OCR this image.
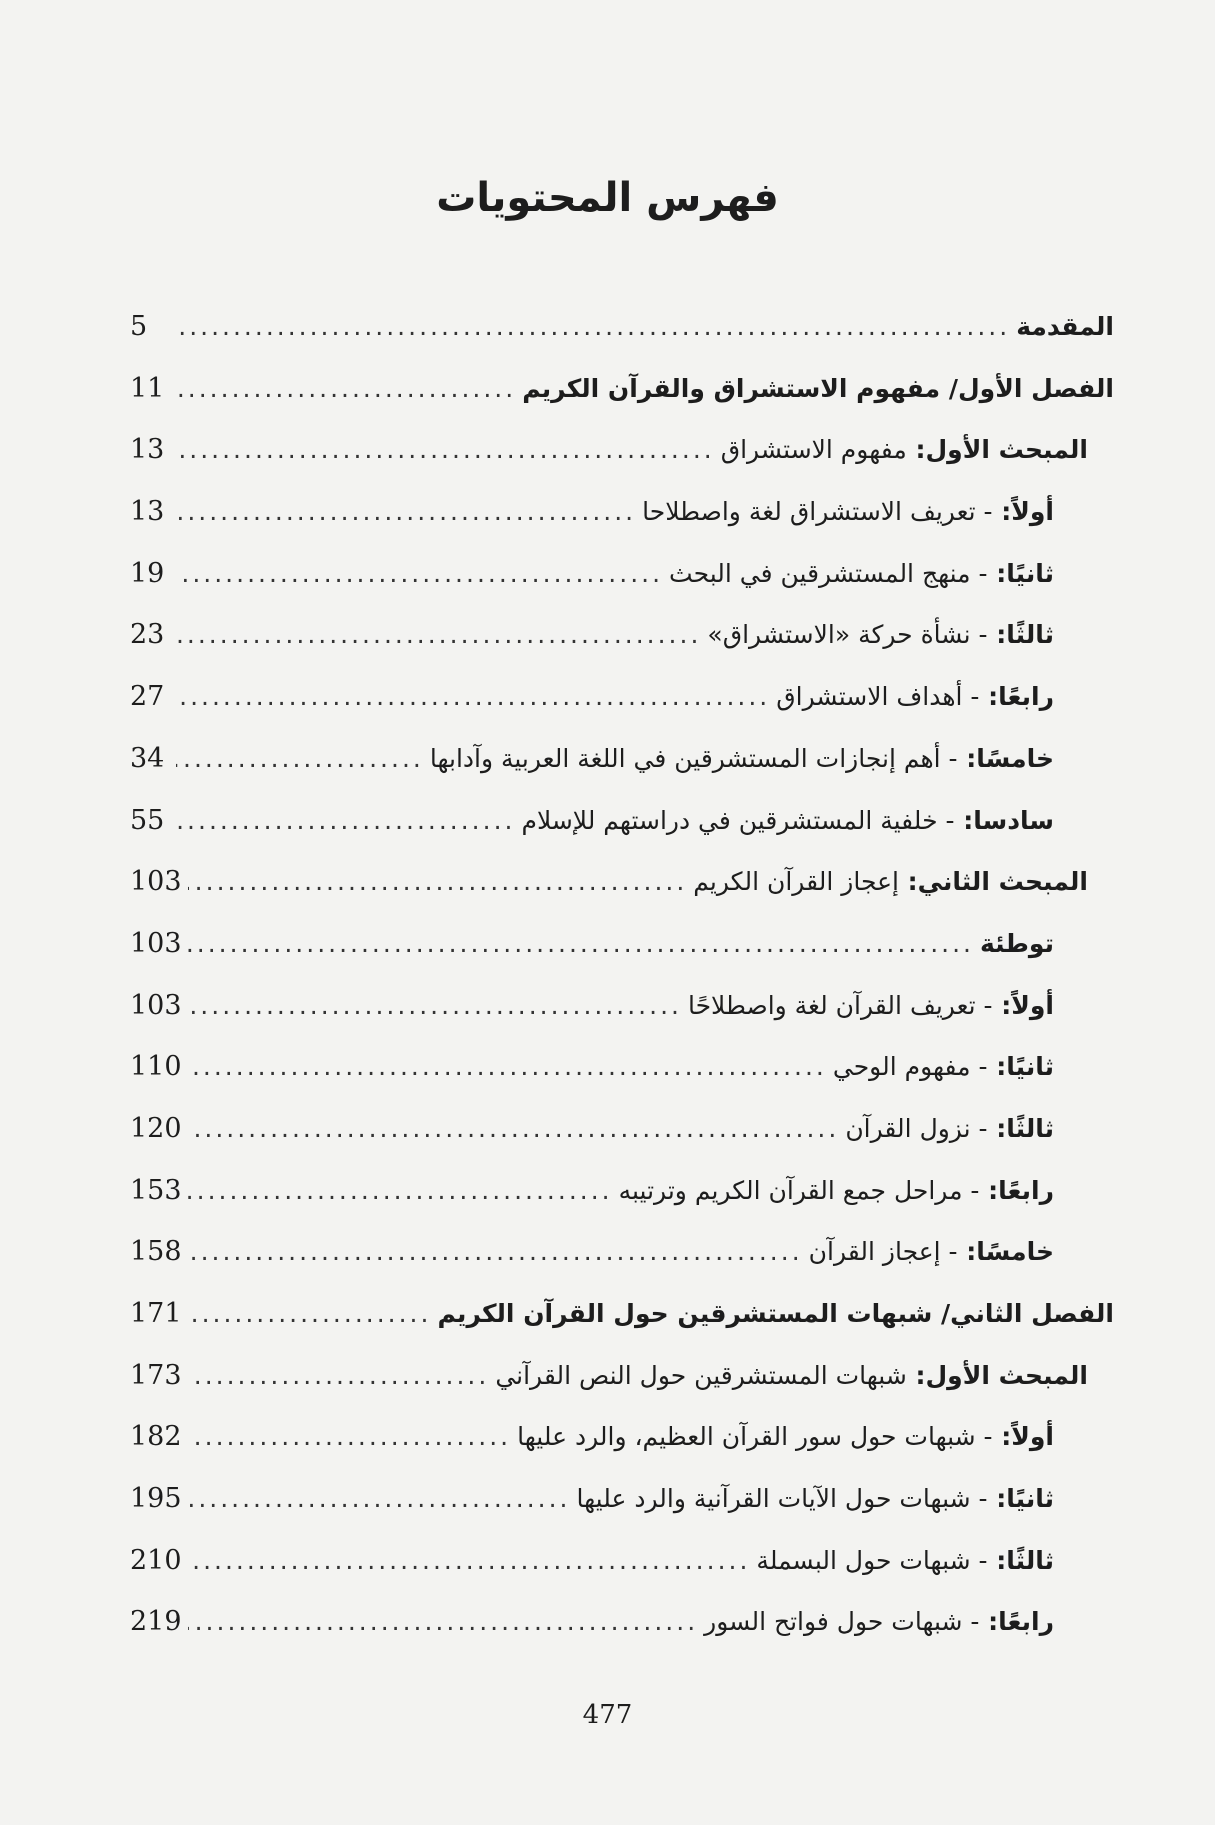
فهرس المحتويات
المقدمة
.....
5
الفصل الأول/ مفهوم الاستشراق والقرآن الكريم
.....
11
المبحث الأول:
مفهوم الاستشراق
.....
13
أولاً:
- تعريف الاستشراق لغة واصطلاحا
.....
13
ثانيًا:
- منهج المستشرقين في البحث
.....
19
ثالثًا:
- نشأة حركة «الاستشراق»
.....
23
رابعًا:
- أهداف الاستشراق
.....
27
خامسًا:
- أهم إنجازات المستشرقين في اللغة العربية وآدابها
.....
34
سادسا:
- خلفية المستشرقين في دراستهم للإسلام
.....
55
المبحث الثاني:
إعجاز القرآن الكريم
.....
103
توطئة
.....
103
أولاً:
- تعريف القرآن لغة واصطلاحًا
.....
103
ثانيًا:
- مفهوم الوحي
.....
110
ثالثًا:
- نزول القرآن
.....
120
رابعًا:
- مراحل جمع القرآن الكريم وترتيبه
.....
153
خامسًا:
- إعجاز القرآن
.....
158
الفصل الثاني/ شبهات المستشرقين حول القرآن الكريم
.....
171
المبحث الأول:
شبهات المستشرقين حول النص القرآني
.....
173
أولاً:
- شبهات حول سور القرآن العظيم، والرد عليها
.....
182
ثانيًا:
- شبهات حول الآيات القرآنية والرد عليها
.....
195
ثالثًا:
- شبهات حول البسملة
.....
210
رابعًا:
- شبهات حول فواتح السور
.....
219
477
